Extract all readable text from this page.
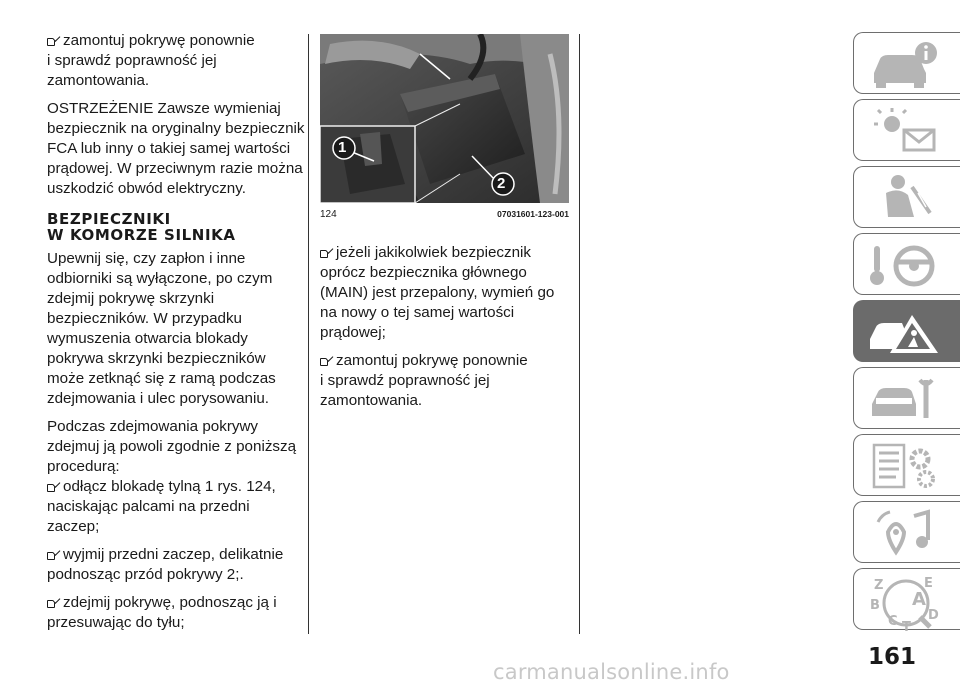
zamontuj pokrywę ponownie
i sprawdź poprawność jej zamontowania.

OSTRZEŻENIE Zawsze wymieniaj bezpiecznik na oryginalny bezpiecznik FCA lub inny o takiej samej wartości prądowej. W przeciwnym razie można uszkodzić obwód elektryczny.

BEZPIECZNIKI
W KOMORZE SILNIKA

Upewnij się, czy zapłon i inne odbiorniki są wyłączone, po czym zdejmij pokrywę skrzynki bezpieczników. W przypadku wymuszenia otwarcia blokady pokrywa skrzynki bezpieczników może zetknąć się z ramą podczas zdejmowania i ulec porysowaniu.

Podczas zdejmowania pokrywy zdejmuj ją powoli zgodnie z poniższą procedurą:

odłącz blokadę tylną 1 rys. 124, naciskając palcami na przedni zaczep;

wyjmij przedni zaczep, delikatnie podnosząc przód pokrywy 2;.

zdejmij pokrywę, podnosząc ją i przesuwając do tyłu;

1
2
124	07031601-123-001

jeżeli jakikolwiek bezpiecznik oprócz bezpiecznika głównego (MAIN) jest przepalony, wymień go na nowy o tej samej wartości prądowej;

zamontuj pokrywę ponownie
i sprawdź poprawność jej zamontowania.

Z	E
B A
C D
T
161
carmanualsonline.info
